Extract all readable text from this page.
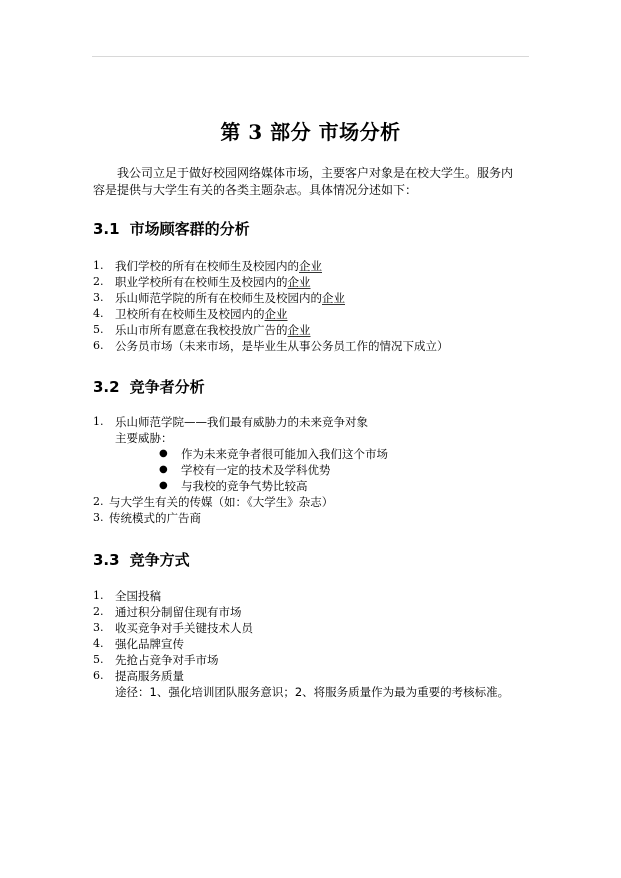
第 3 部分 市场分析

我公司立足于做好校园网络媒体市场，主要客户对象是在校大学生。服务内容是提供与大学生有关的各类主题杂志。具体情况分述如下：

3.1 市场顾客群的分析
1.	我们学校的所有在校师生及校园内的 企业
2.	职业学校所有在校师生及校园内的 企业
3.	乐山师范学院的所有在校师生及校园内的 企业
4.	卫校所有在校师生及校园内的 企业
5.	乐山市所有愿意在我校投放广告的 企业
6.	公务员市场（未来市场，是毕业生从事公务员工作的情况下成立）
3.2 竞争者分析
1.	乐山师范学院——我们最有威胁力的未来竞争对象
主要威胁：
●	作为未来竞争者很可能加入我们这个市场
●	学校有一定的技术及学科优势
●	与我校的竞争气势比较高
2. 与大学生有关的传媒（如：《大学生》杂志）
3. 传统模式的广告商
3.3 竞争方式
1.	全国投稿
2.	通过积分制留住现有市场
3.	收买竞争对手关键技术人员
4.	强化品牌宣传
5.	先抢占竞争对手市场
6.	提高服务质量
途径：1、强化培训团队服务意识；2、将服务质量作为最为重要的考核标准。
